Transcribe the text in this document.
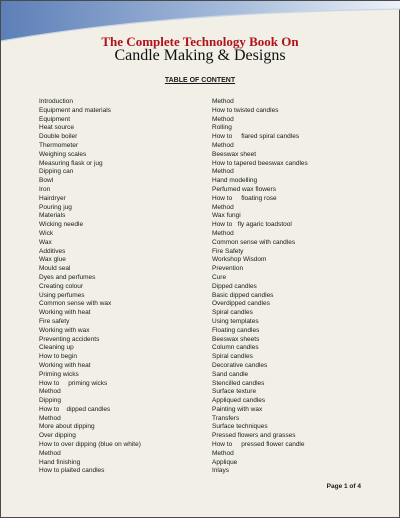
The Complete Technology Book On
Candle Making & Designs
TABLE OF CONTENT
Introduction
Equipment and materials
Equipment
Heat source
Double boiler
Thermometer
Weighing scales
Measuring flask or jug
Dipping can
Bowl
Iron
Hairdryer
Pouring jug
Materials
Wicking needle
Wick
Wax
Additives
Wax glue
Mould seal
Dyes and perfumes
Creating colour
Using perfumes
Common sense with wax
Working with heat
Fire safety
Working with wax
Preventing accidents
Cleaning up
How to begin
Working with heat
Priming wicks
How to     priming wicks
Method
Dipping
How to    dipped candles
Method
More about dipping
Over dipping
How to over dipping (blue on white)
Method
Hand finishing
How to plaited candles
Method
How to twisted candles
Method
Rolling
How to     flared spiral candles
Method
Beeswax sheet
How to tapered beeswax candles
Method
Hand modelling
Perfumed wax flowers
How to     floating rose
Method
Wax fungi
How to   fly agaric toadstool
Method
Common sense with candles
Fire Safety
Workshop Wisdom
Prevention
Cure
Dipped candles
Basic dipped candles
Overdipped candles
Spiral candles
Using templates
Floating candles
Beeswax sheets
Column candles
Spiral candles
Decorative candles
Sand candle
Stencilled candles
Surface texture
Appliqued candles
Painting with wax
Transfers
Surface techniques
Pressed flowers and grasses
How to     pressed flower candle
Method
Applique
Inlays
Page 1 of 4
